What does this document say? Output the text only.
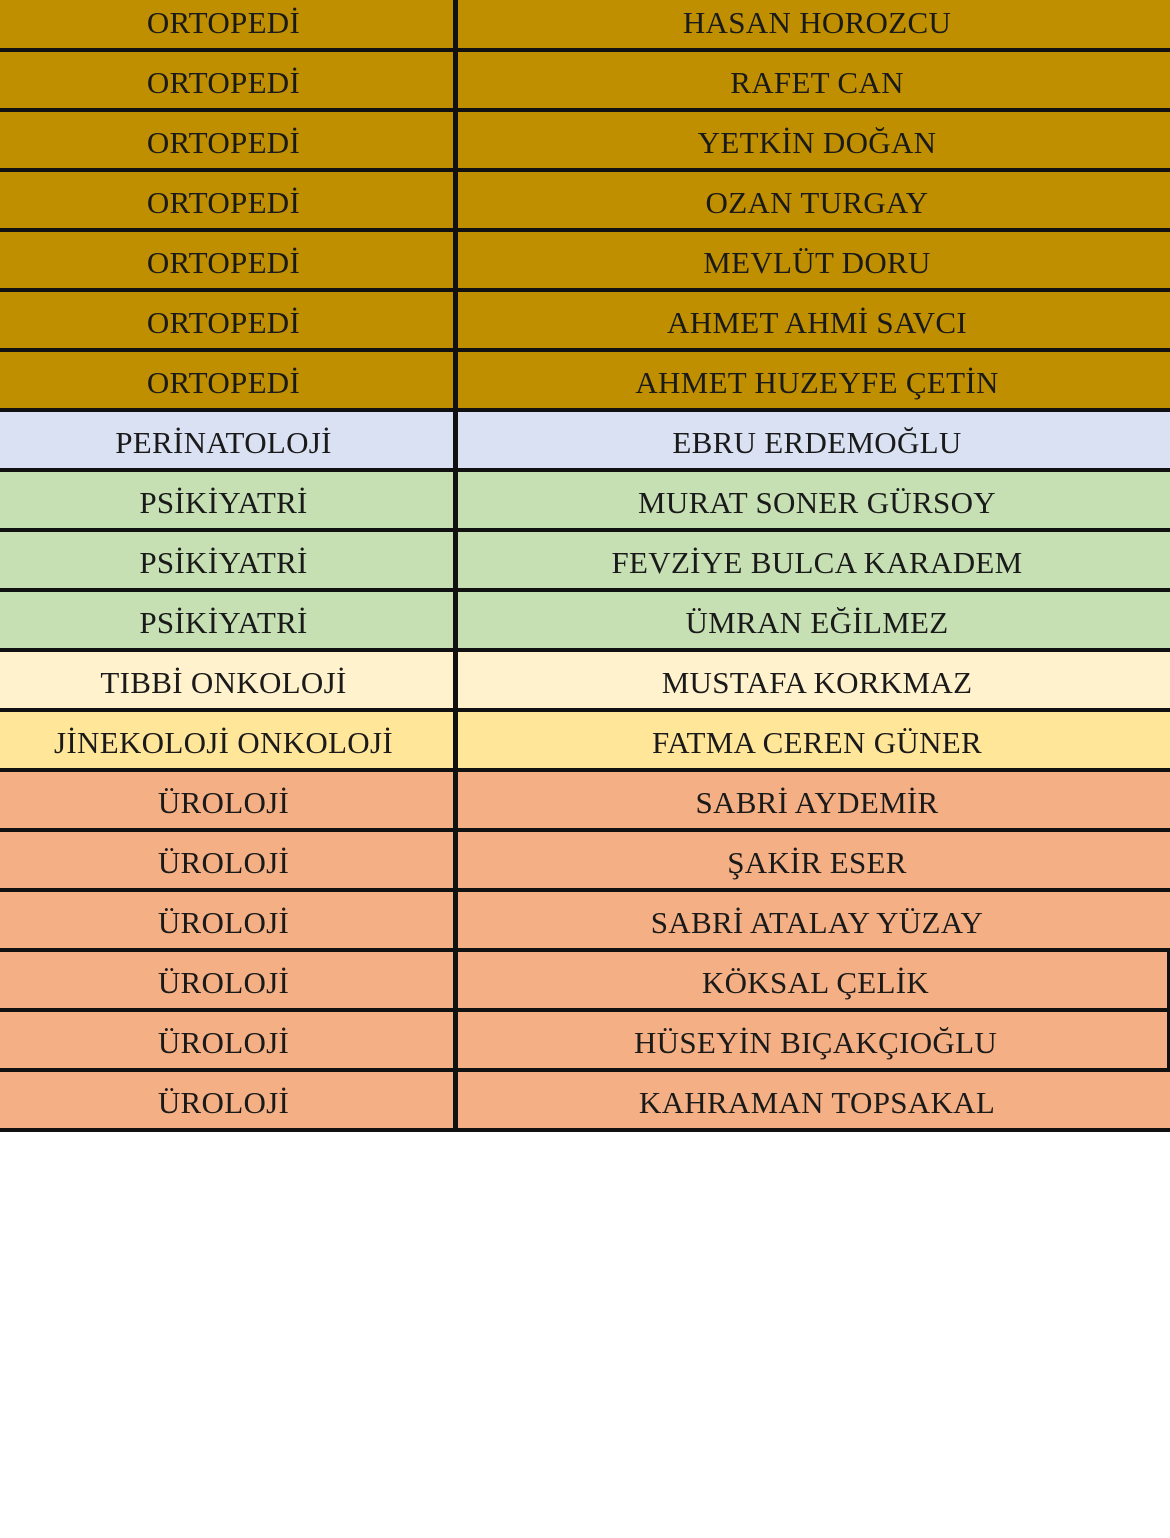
ORTOPEDİ	HASAN HOROZCU
ORTOPEDİ	RAFET CAN
ORTOPEDİ	YETKİN DOĞAN
ORTOPEDİ	OZAN TURGAY
ORTOPEDİ	MEVLÜT DORU
ORTOPEDİ	AHMET AHMİ SAVCI
ORTOPEDİ	AHMET HUZEYFE ÇETİN
PERİNATOLOJİ	EBRU ERDEMOĞLU
PSİKİYATRİ	MURAT SONER GÜRSOY
PSİKİYATRİ	FEVZİYE BULCA KARADEM
PSİKİYATRİ	ÜMRAN EĞİLMEZ
TIBBİ ONKOLOJİ	MUSTAFA KORKMAZ
JİNEKOLOJİ ONKOLOJİ	FATMA CEREN GÜNER
ÜROLOJİ	SABRİ AYDEMİR
ÜROLOJİ	ŞAKİR ESER
ÜROLOJİ	SABRİ ATALAY YÜZAY
ÜROLOJİ	KÖKSAL ÇELİK
ÜROLOJİ	HÜSEYİN BIÇAKÇIOĞLU
ÜROLOJİ	KAHRAMAN TOPSAKAL
